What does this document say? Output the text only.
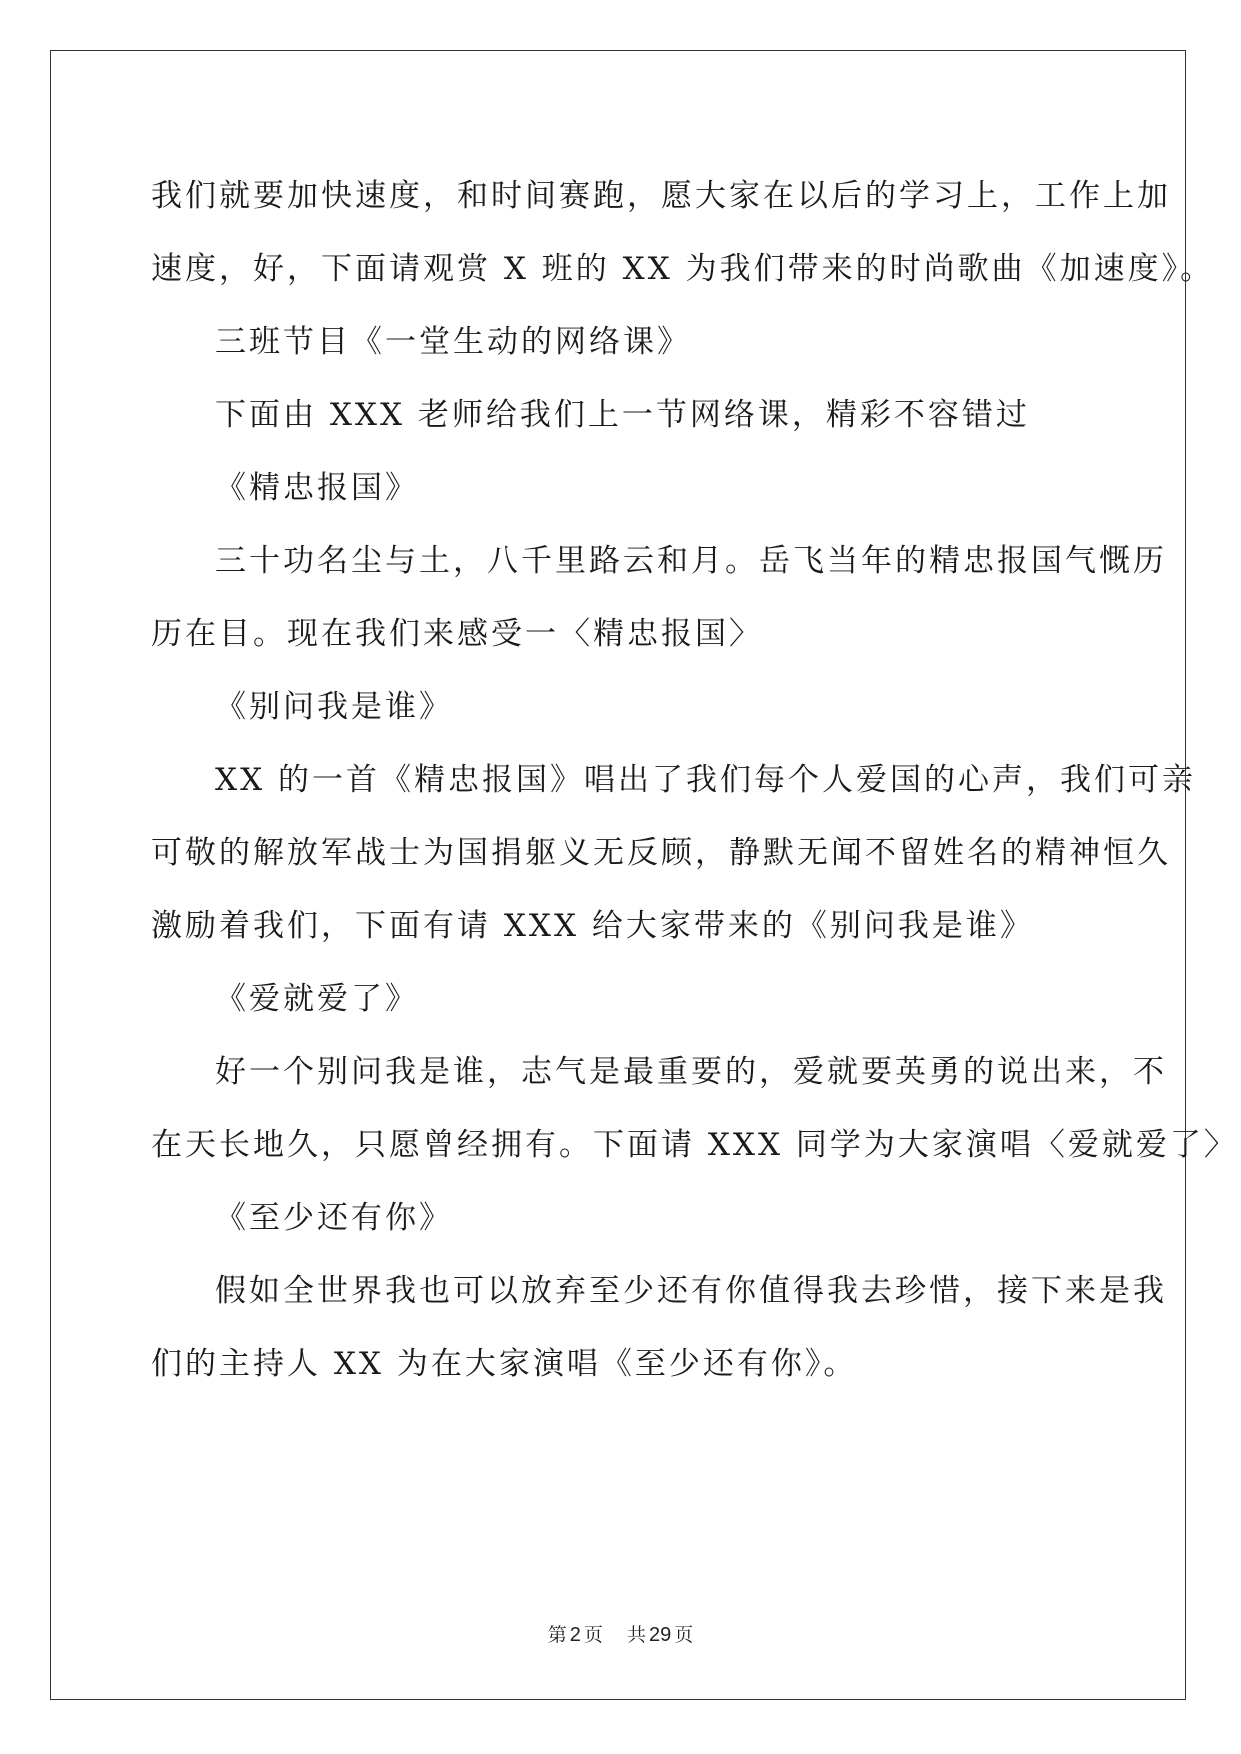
我们就要加快速度，和时间赛跑，愿大家在以后的学习上，工作上加

速度，好，下面请观赏 X 班的 XX 为我们带来的时尚歌曲《加速度》。

三班节目《一堂生动的网络课》

下面由 XXX 老师给我们上一节网络课，精彩不容错过

《精忠报国》

三十功名尘与土，八千里路云和月。岳飞当年的精忠报国气慨历

历在目。现在我们来感受一〈精忠报国〉

《别问我是谁》

XX 的一首《精忠报国》唱出了我们每个人爱国的心声，我们可亲

可敬的解放军战士为国捐躯义无反顾，静默无闻不留姓名的精神恒久

激励着我们，下面有请 XXX 给大家带来的《别问我是谁》

《爱就爱了》

好一个别问我是谁，志气是最重要的，爱就要英勇的说出来，不

在天长地久，只愿曾经拥有。下面请 XXX 同学为大家演唱〈爱就爱了〉

《至少还有你》

假如全世界我也可以放弃至少还有你值得我去珍惜，接下来是我

们的主持人 XX 为在大家演唱《至少还有你》。

第 2 页 共 29 页
